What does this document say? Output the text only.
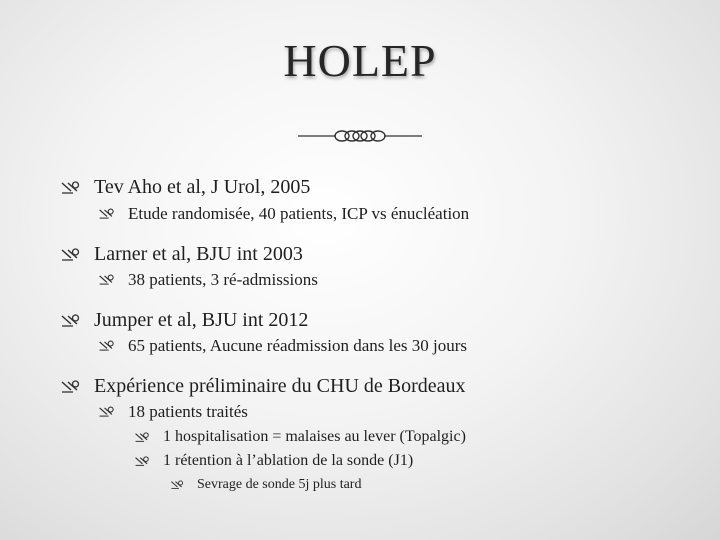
HOLEP
Tev Aho et al, J Urol, 2005
Etude randomisée, 40 patients, ICP vs énucléation
Larner et al, BJU int 2003
38 patients, 3 ré-admissions
Jumper et al, BJU int 2012
65 patients, Aucune réadmission dans les 30 jours
Expérience préliminaire du CHU de Bordeaux
18 patients traités
1 hospitalisation = malaises au lever (Topalgic)
1 rétention à l’ablation de la sonde (J1)
Sevrage de sonde 5j plus tard
